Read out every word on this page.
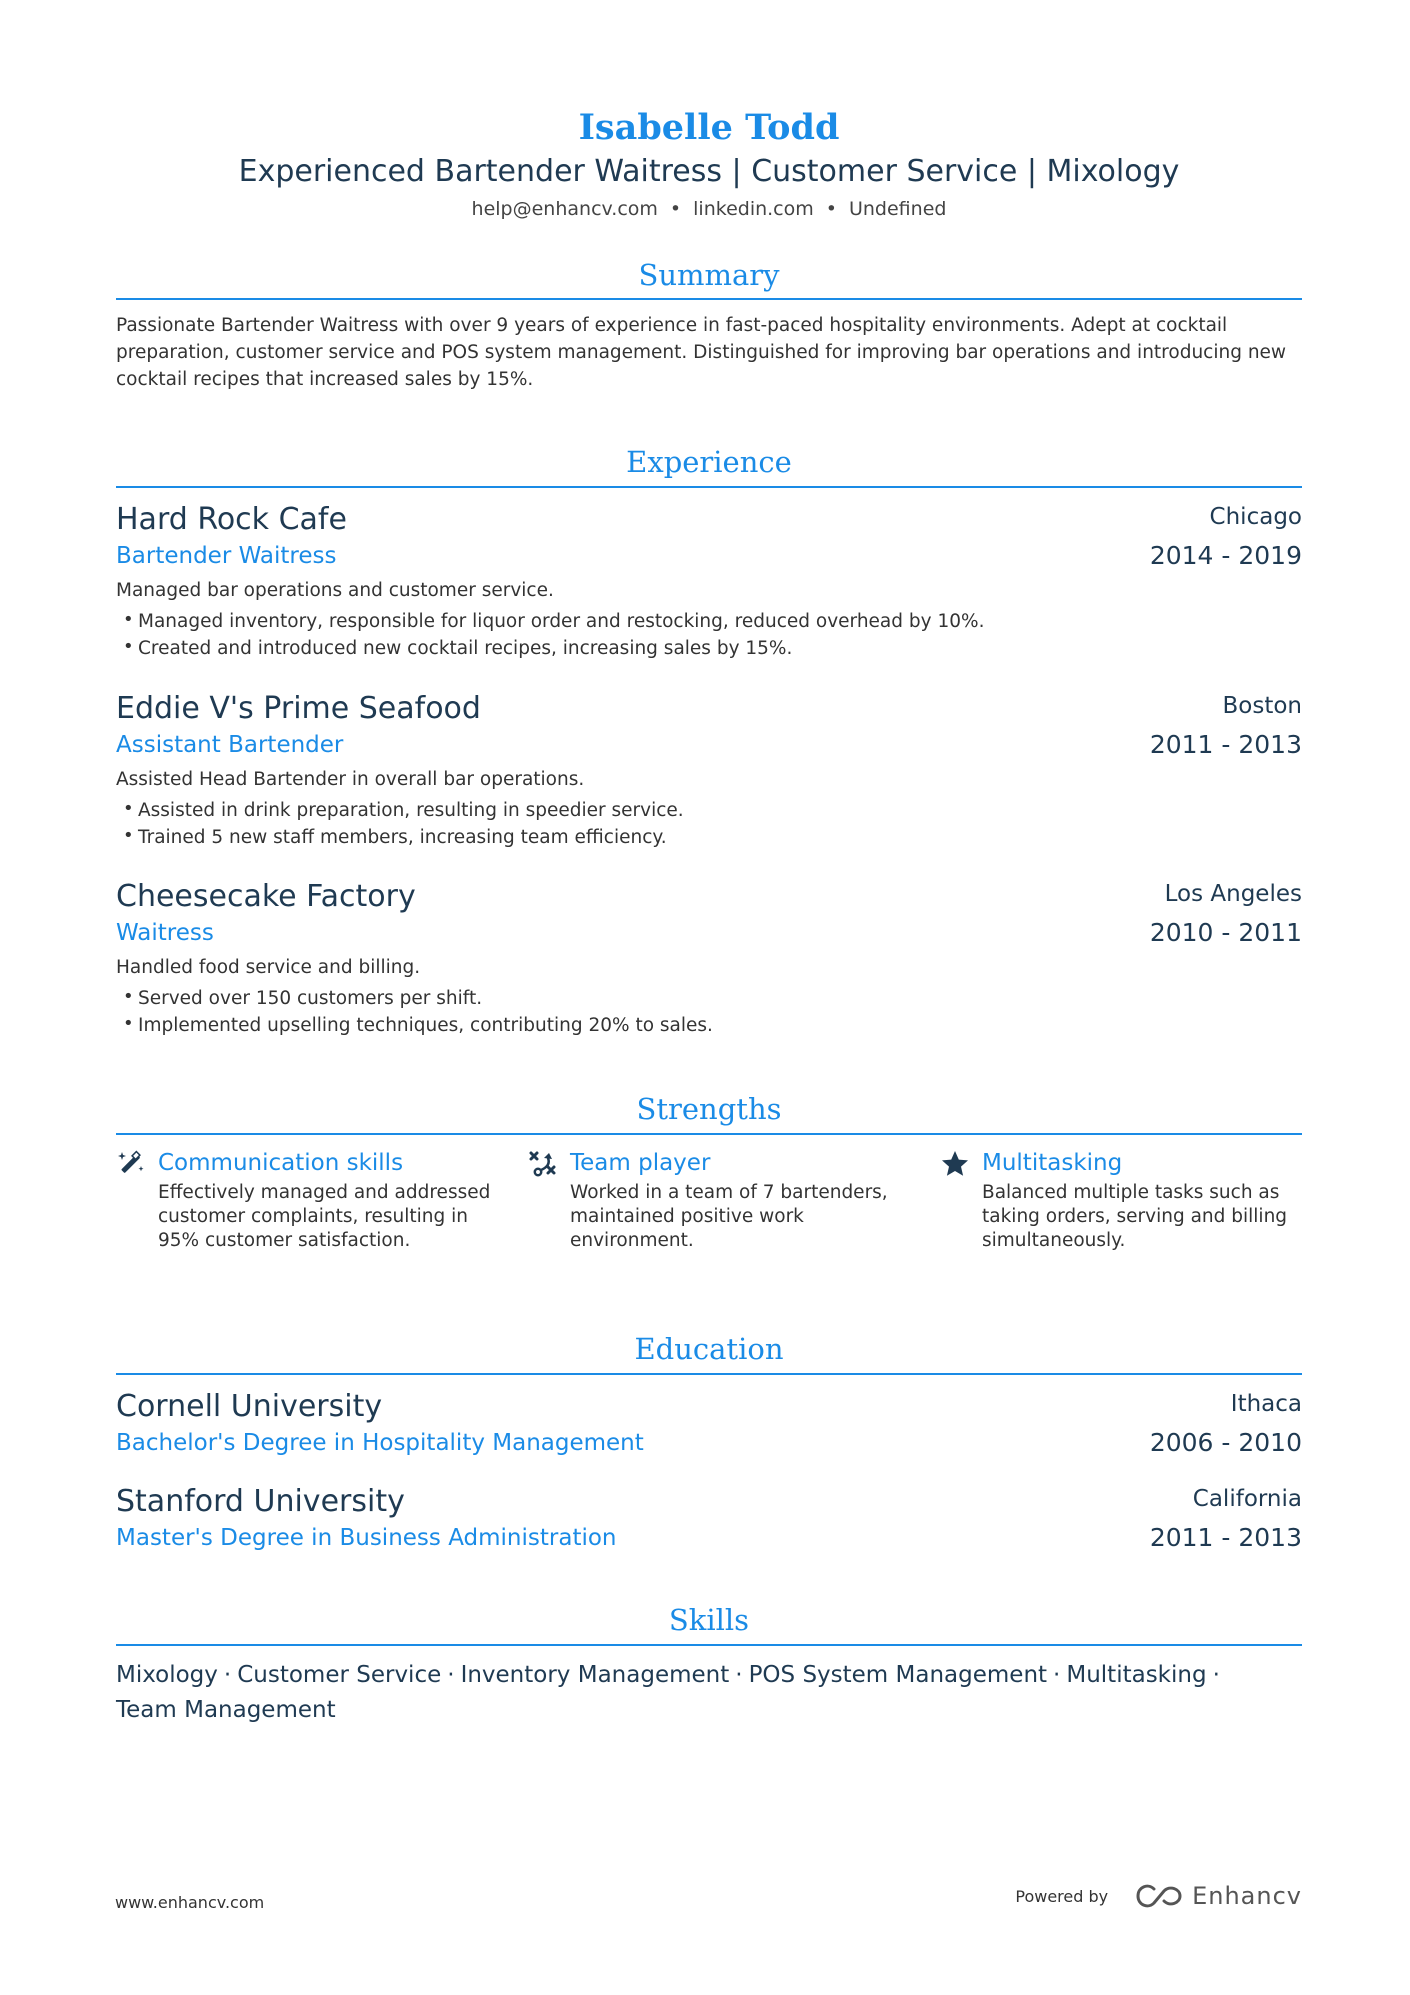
Isabelle Todd
Experienced Bartender Waitress | Customer Service | Mixology
help@enhancv.com • linkedin.com • Undefined
Summary
Passionate Bartender Waitress with over 9 years of experience in fast-paced hospitality environments. Adept at cocktail preparation, customer service and POS system management. Distinguished for improving bar operations and introducing new cocktail recipes that increased sales by 15%.
Experience
Hard Rock Cafe
Bartender Waitress
Chicago
2014 - 2019
Managed bar operations and customer service.
• Managed inventory, responsible for liquor order and restocking, reduced overhead by 10%.
• Created and introduced new cocktail recipes, increasing sales by 15%.
Eddie V's Prime Seafood
Assistant Bartender
Boston
2011 - 2013
Assisted Head Bartender in overall bar operations.
• Assisted in drink preparation, resulting in speedier service.
• Trained 5 new staff members, increasing team efficiency.
Cheesecake Factory
Waitress
Los Angeles
2010 - 2011
Handled food service and billing.
• Served over 150 customers per shift.
• Implemented upselling techniques, contributing 20% to sales.
Strengths
Communication skills
Effectively managed and addressed customer complaints, resulting in 95% customer satisfaction.
Team player
Worked in a team of 7 bartenders, maintained positive work environment.
Multitasking
Balanced multiple tasks such as taking orders, serving and billing simultaneously.
Education
Cornell University
Bachelor's Degree in Hospitality Management
Ithaca
2006 - 2010
Stanford University
Master's Degree in Business Administration
California
2011 - 2013
Skills
Mixology · Customer Service · Inventory Management · POS System Management · Multitasking ·
Team Management
www.enhancv.com	Powered by	Enhancv
